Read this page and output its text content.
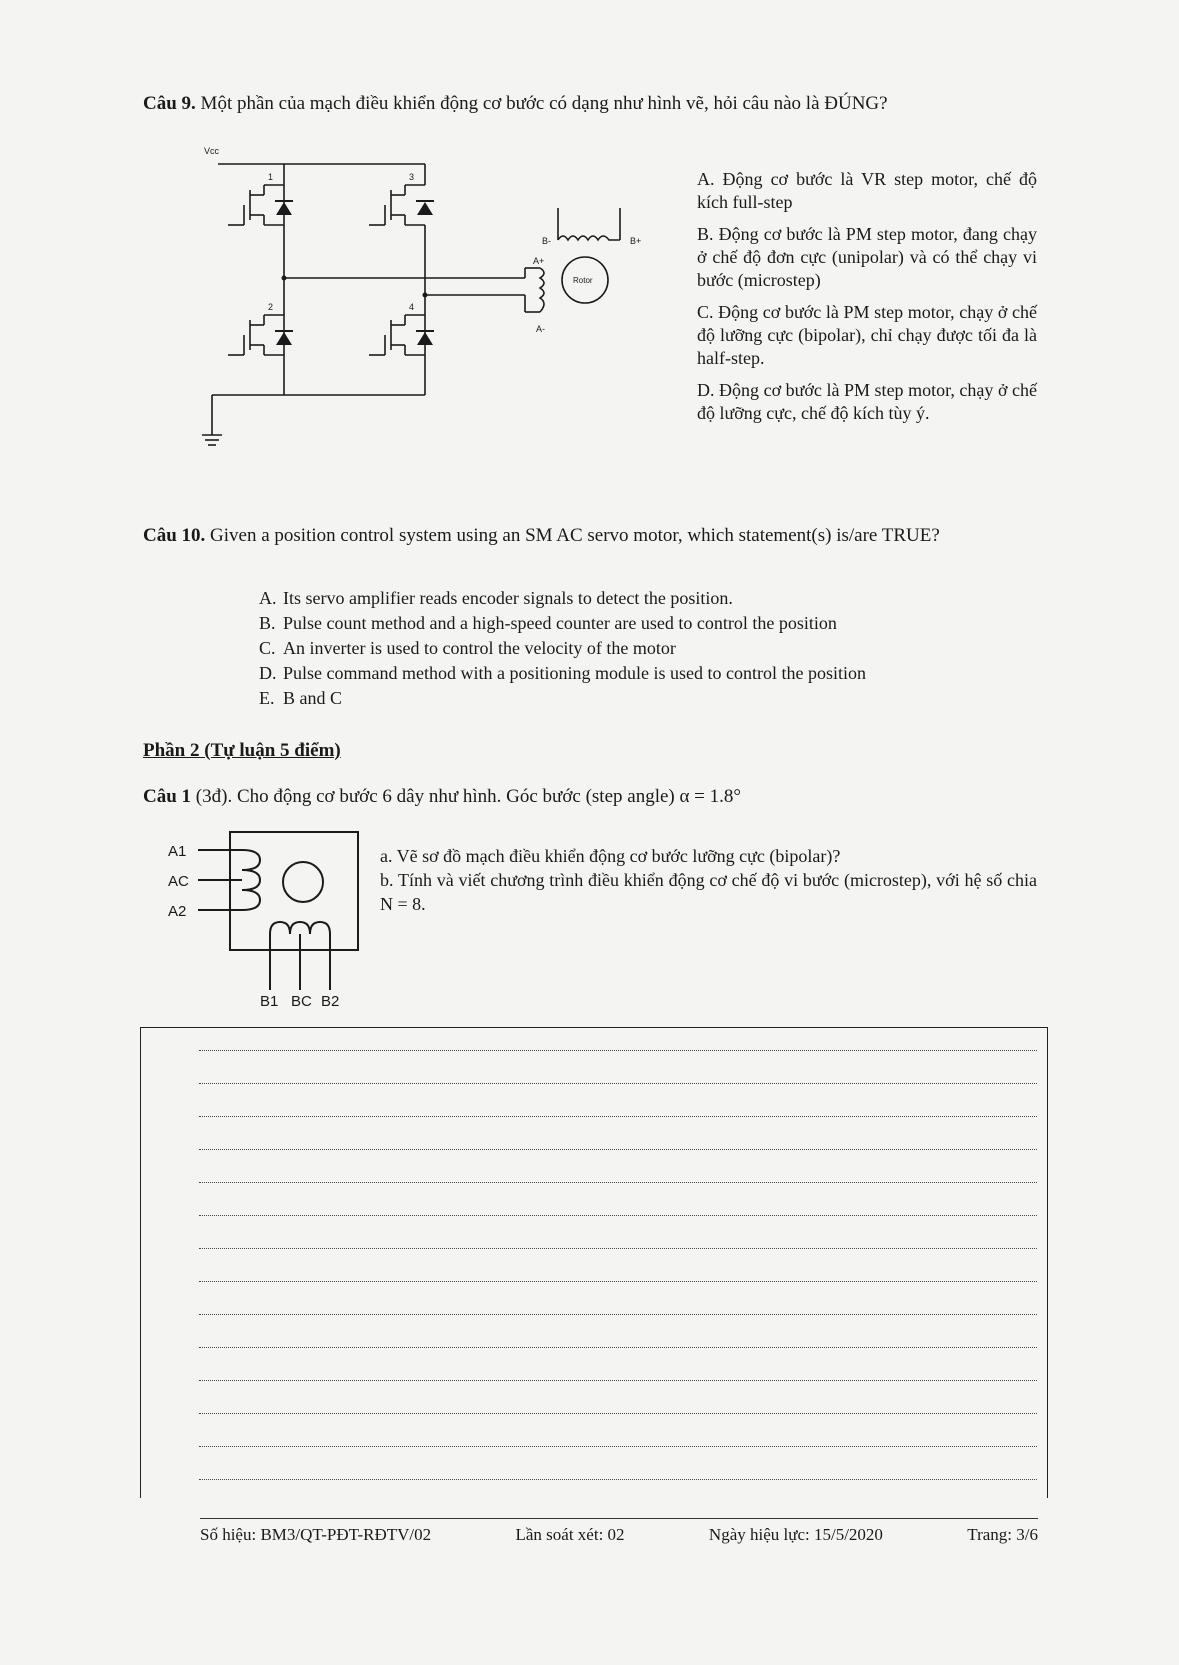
Câu 9. Một phần của mạch điều khiển động cơ bước có dạng như hình vẽ, hỏi câu nào là ĐÚNG?
Vcc
1	3
2	4
B-	B+
A+
A-
Rotor

A. Động cơ bước là VR step motor, chế độ kích full-step

B. Động cơ bước là PM step motor, đang chạy ở chế độ đơn cực (unipolar) và có thể chạy vi bước (microstep)

C. Động cơ bước là PM step motor, chạy ở chế độ lưỡng cực (bipolar), chỉ chạy được tối đa là half-step.

D. Động cơ bước là PM step motor, chạy ở chế độ lưỡng cực, chế độ kích tùy ý.

Câu 10. Given a position control system using an SM AC servo motor, which statement(s) is/are TRUE?
A. Its servo amplifier reads encoder signals to detect the position.
B. Pulse count method and a high-speed counter are used to control the position
C. An inverter is used to control the velocity of the motor
D. Pulse command method with a positioning module is used to control the position
E. B and C
Phần 2 (Tự luận 5 điểm)
Câu 1 (3đ). Cho động cơ bước 6 dây như hình. Góc bước (step angle) α = 1.8°
A1
AC
A2
B1 BC B2

a. Vẽ sơ đồ mạch điều khiển động cơ bước lưỡng cực (bipolar)?

b. Tính và viết chương trình điều khiển động cơ chế độ vi bước (microstep), với hệ số chia N = 8.

Số hiệu: BM3/QT-PĐT-RĐTV/02	Lần soát xét: 02	Ngày hiệu lực: 15/5/2020	Trang: 3/6
